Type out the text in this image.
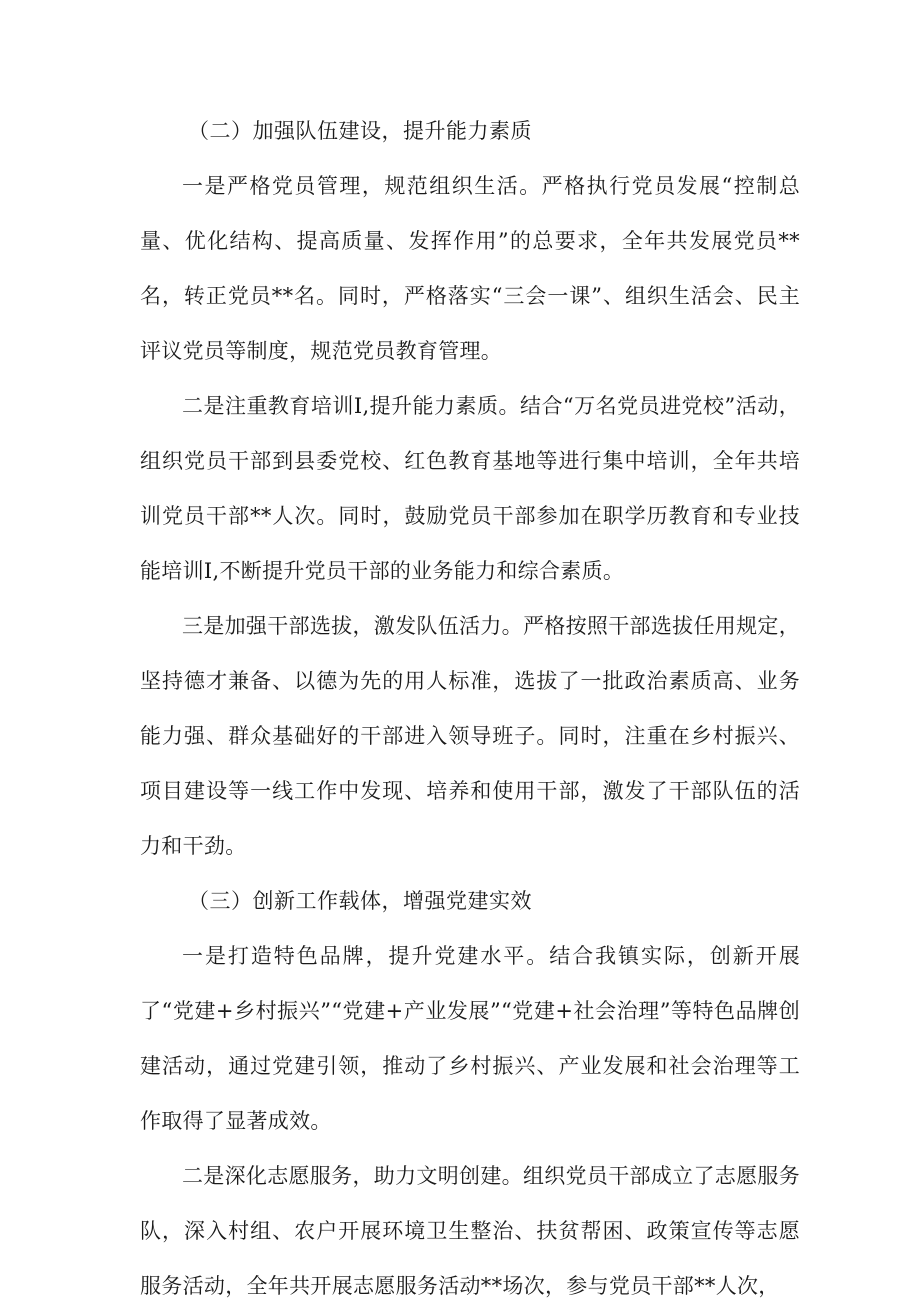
（二）加强队伍建设，提升能力素质

一是严格党员管理，规范组织生活。严格执行党员发展“控制总量、优化结构、提高质量、发挥作用”的总要求，全年共发展党员**名，转正党员**名。同时，严格落实“三会一课”、组织生活会、民主评议党员等制度，规范党员教育管理。

二是注重教育培训I,提升能力素质。结合“万名党员进党校”活动，组织党员干部到县委党校、红色教育基地等进行集中培训，全年共培训党员干部**人次。同时，鼓励党员干部参加在职学历教育和专业技能培训I,不断提升党员干部的业务能力和综合素质。

三是加强干部选拔，激发队伍活力。严格按照干部选拔任用规定，坚持德才兼备、以德为先的用人标准，选拔了一批政治素质高、业务能力强、群众基础好的干部进入领导班子。同时，注重在乡村振兴、项目建设等一线工作中发现、培养和使用干部，激发了干部队伍的活力和干劲。

（三）创新工作载体，增强党建实效

一是打造特色品牌，提升党建水平。结合我镇实际，创新开展了“党建+乡村振兴”“党建+产业发展”“党建+社会治理”等特色品牌创建活动，通过党建引领，推动了乡村振兴、产业发展和社会治理等工作取得了显著成效。

二是深化志愿服务，助力文明创建。组织党员干部成立了志愿服务队，深入村组、农户开展环境卫生整治、扶贫帮困、政策宣传等志愿服务活动，全年共开展志愿服务活动**场次，参与党员干部**人次，
